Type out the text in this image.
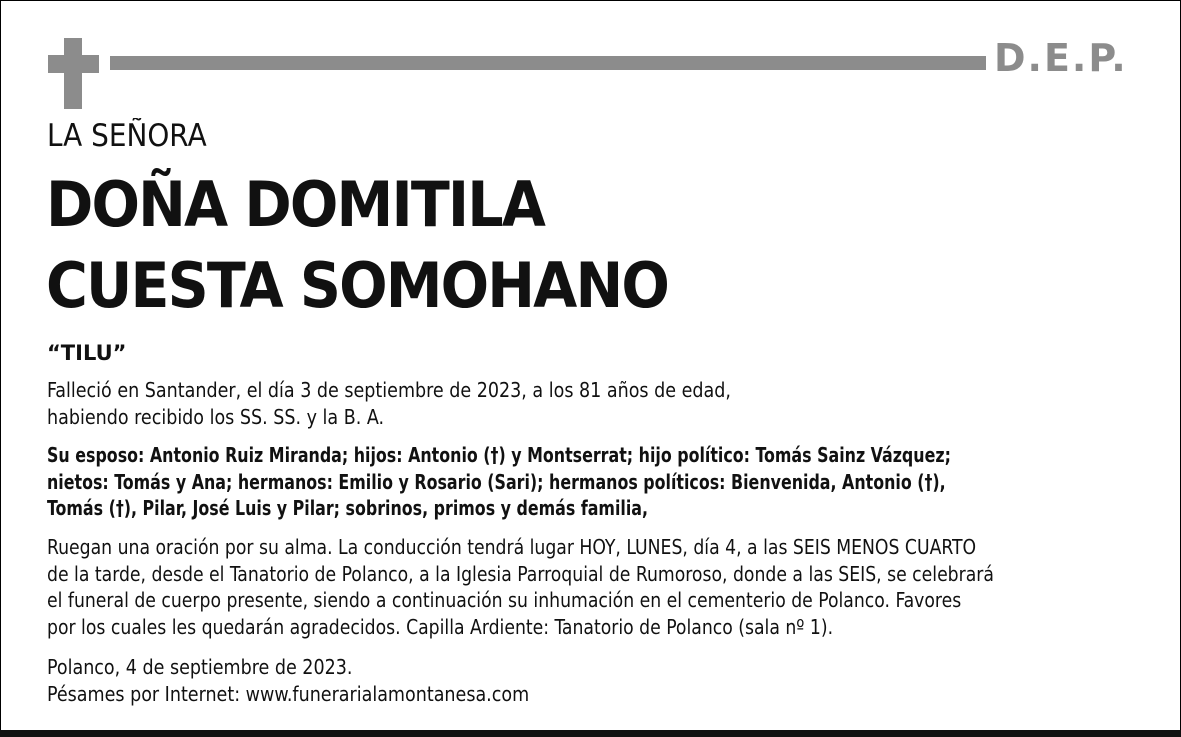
D.E.P.
LA SEÑORA
DOÑA DOMITILA
CUESTA SOMOHANO
“TILU”
Falleció en Santander, el día 3 de septiembre de 2023, a los 81 años de edad,
habiendo recibido los SS. SS. y la B. A.
Su esposo: Antonio Ruiz Miranda; hijos: Antonio (†) y Montserrat; hijo político: Tomás Sainz Vázquez;
nietos: Tomás y Ana; hermanos: Emilio y Rosario (Sari); hermanos políticos: Bienvenida, Antonio (†),
Tomás (†), Pilar, José Luis y Pilar; sobrinos, primos y demás familia,
Ruegan una oración por su alma. La conducción tendrá lugar HOY, LUNES, día 4, a las SEIS MENOS CUARTO
de la tarde, desde el Tanatorio de Polanco, a la Iglesia Parroquial de Rumoroso, donde a las SEIS, se celebrará
el funeral de cuerpo presente, siendo a continuación su inhumación en el cementerio de Polanco. Favores
por los cuales les quedarán agradecidos. Capilla Ardiente: Tanatorio de Polanco (sala nº 1).
Polanco, 4 de septiembre de 2023.
Pésames por Internet: www.funerarialamontanesa.com
